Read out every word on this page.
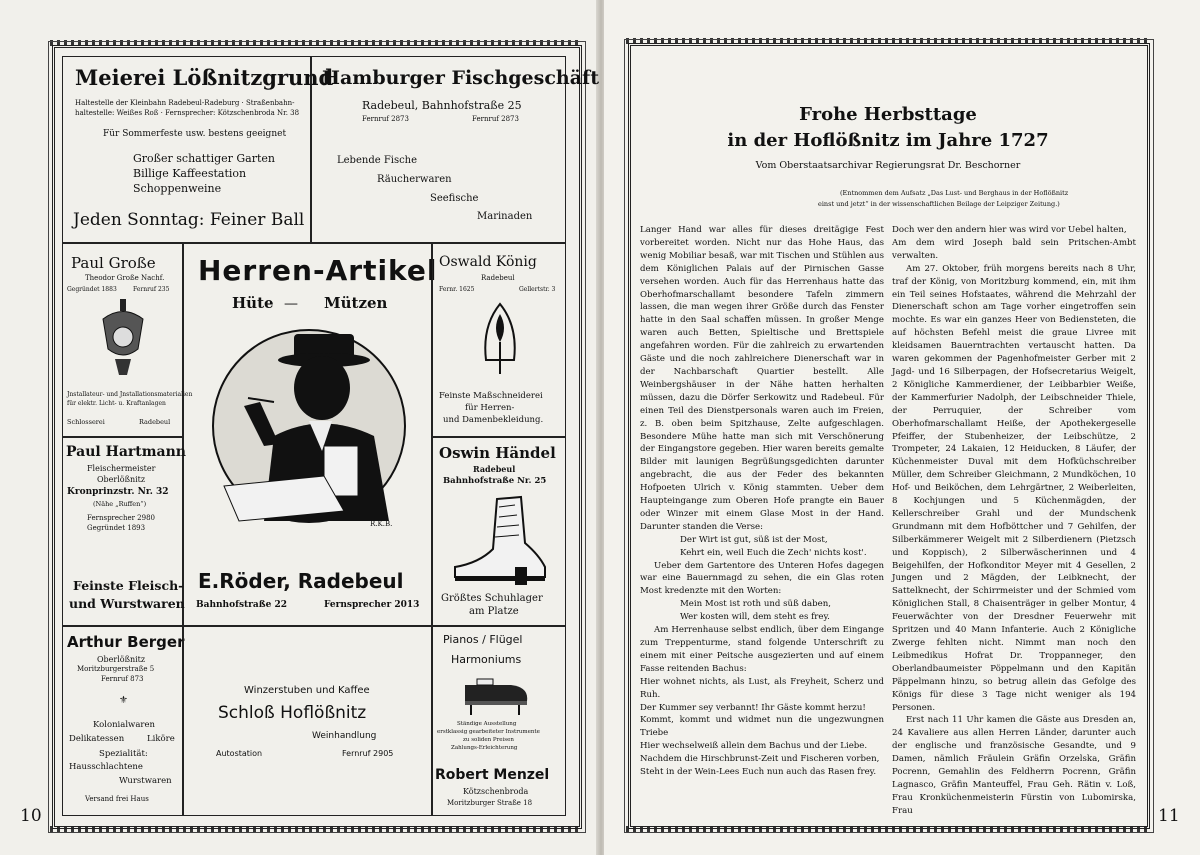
10
Meierei Lößnitzgrund
Haltestelle der Kleinbahn Radebeul-Radeburg · Straßenbahn-
haltestelle: Weißes Roß · Fernsprecher: Kötzschenbroda Nr. 38
Für Sommerfeste usw. bestens geeignet
Großer schattiger Garten
Billige Kaffeestation
Schoppenweine
Jeden Sonntag: Feiner Ball
Hamburger Fischgeschäft
Radebeul, Bahnhofstraße 25
Fernruf 2873	Fernruf 2873
Lebende Fische
Räucherwaren
Seefische
Marinaden
Paul Große
Theodor Große Nachf.
Gegründet 1883	Fernruf 235
Jnstallateur- und Jnstallationsmaterialien
für elektr. Licht- u. Kraftanlagen
Schlosserei	Radebeul
Herren-Artikel
Hüte — Mützen
R.K.B.
E.Röder, Radebeul
Bahnhofstraße 22	Fernsprecher 2013
Oswald König
Radebeul
Fernr. 1625	Gellertstr. 3
Feinste Maßschneiderei
für Herren-
und Damenbekleidung.
Paul Hartmann
Fleischermeister
Oberlößnitz
Kronprinzstr. Nr. 32
(Nähe „Ruffen“)
Fernsprecher 2980
Gegründet 1893
Feinste Fleisch-
und Wurstwaren
Oswin Händel
Radebeul
Bahnhofstraße Nr. 25
Größtes Schuhlager
am Platze
Arthur Berger
Oberlößnitz
Moritzburgerstraße 5
Fernruf 873
⚜
Kolonialwaren
Delikatessen	Liköre
Spezialität:
Hausschlachtene
Wurstwaren
Versand frei Haus
Winzerstuben und Kaffee
Schloß Hoflößnitz
Weinhandlung
Autostation	Fernruf 2905
Pianos / Flügel
Harmoniums
Ständige Ausstellung
erstklassig gearbeiteter Instrumente
zu soliden Preisen
Zahlungs-Erleichterung
Robert Menzel
Kötzschenbroda
Moritzburger Straße 18
11
Frohe Herbsttage
in der Hoflößnitz im Jahre 1727
Vom Oberstaatsarchivar Regierungsrat Dr. Beschorner
(Entnommen dem Aufsatz „Das Lust- und Berghaus in der Hoflößnitz
einst und jetzt“ in der wissenschaftlichen Beilage der Leipziger Zeitung.)

Langer Hand war alles für dieses dreitägige Fest vorbereitet worden. Nicht nur das Hohe Haus, das wenig Mobiliar besaß, war mit Tischen und Stühlen aus dem Königlichen Palais auf der Pirnischen Gasse versehen worden. Auch für das Herrenhaus hatte das Oberhofmarschallamt besondere Tafeln zimmern lassen, die man wegen ihrer Größe durch das Fenster hatte in den Saal schaffen müssen. In großer Menge waren auch Betten, Spieltische und Brettspiele angefahren worden. Für die zahlreich zu erwartenden Gäste und die noch zahlreichere Dienerschaft war in der Nachbarschaft Quartier bestellt. Alle Weinbergshäuser in der Nähe hatten herhalten müssen, dazu die Dörfer Serkowitz und Radebeul. Für einen Teil des Dienstpersonals waren auch im Freien, z. B. oben beim Spitzhause, Zelte aufgeschlagen. Besondere Mühe hatte man sich mit Verschönerung der Eingangstore gegeben. Hier waren bereits gemalte Bilder mit launigen Begrüßungsgedichten darunter angebracht, die aus der Feder des bekannten Hofpoeten Ulrich v. König stammten. Ueber dem Haupteingange zum Oberen Hofe prangte ein Bauer oder Winzer mit einem Glase Most in der Hand. Darunter standen die Verse:

Der Wirt ist gut, süß ist der Most,

Kehrt ein, weil Euch die Zech' nichts kost'.

Ueber dem Gartentore des Unteren Hofes dagegen war eine Bauernmagd zu sehen, die ein Glas roten Most kredenzte mit den Worten:

Mein Most ist roth und süß daben,

Wer kosten will, dem steht es frey.

Am Herrenhause selbst endlich, über dem Eingange zum Treppenturme, stand folgende Unterschrift zu einem mit einer Peitsche ausgezierten und auf einem Fasse reitenden Bachus:

Hier wohnet nichts, als Lust, als Freyheit, Scherz und Ruh.

Der Kummer sey verbannt! Ihr Gäste kommt herzu!

Kommt, kommt und widmet nun die ungezwungnen Triebe

Hier wechselweiß allein dem Bachus und der Liebe.

Nachdem die Hirschbrunst-Zeit und Fischeren vorben,

Steht in der Wein-Lees Euch nun auch das Rasen frey.

Doch wer den andern hier was wird vor Uebel halten,

Am dem wird Joseph bald sein Pritschen-Ambt verwalten.

Am 27. Oktober, früh morgens bereits nach 8 Uhr, traf der König, von Moritzburg kommend, ein, mit ihm ein Teil seines Hofstaates, während die Mehrzahl der Dienerschaft schon am Tage vorher eingetroffen sein mochte. Es war ein ganzes Heer von Bediensteten, die auf höchsten Befehl meist die graue Livree mit kleidsamen Bauerntrachten vertauscht hatten. Da waren gekommen der Pagenhofmeister Gerber mit 2 Jagd- und 16 Silberpagen, der Hofsecretarius Weigelt, 2 Königliche Kammerdiener, der Leibbarbier Weiße, der Kammerfurier Nadolph, der Leibschneider Thiele, der Perruquier, der Schreiber vom Oberhofmarschallamt Heiße, der Apothekergeselle Pfeiffer, der Stubenheizer, der Leibschütze, 2 Trompeter, 24 Lakaien, 12 Heiducken, 8 Läufer, der Küchenmeister Duval mit dem Hofküchschreiber Müller, dem Schreiber Gleichmann, 2 Mundköchen, 10 Hof- und Beiköchen, dem Lehrgärtner, 2 Weiberleiten, 8 Kochjungen und 5 Küchenmägden, der Kellerschreiber Grahl und der Mundschenk Grundmann mit dem Hofböttcher und 7 Gehilfen, der Silberkämmerer Weigelt mit 2 Silberdienern (Pietzsch und Koppisch), 2 Silberwäscherinnen und 4 Beigehilfen, der Hofkonditor Meyer mit 4 Gesellen, 2 Jungen und 2 Mägden, der Leibknecht, der Sattelknecht, der Schirrmeister und der Schmied vom Königlichen Stall, 8 Chaisenträger in gelber Montur, 4 Feuerwächter von der Dresdner Feuerwehr mit Spritzen und 40 Mann Infanterie. Auch 2 Königliche Zwerge fehlten nicht. Nimmt man noch den Leibmedikus Hofrat Dr. Troppanneger, den Oberlandbaumeister Pöppelmann und den Kapitän Päppelmann hinzu, so betrug allein das Gefolge des Königs für diese 3 Tage nicht weniger als 194 Personen.

Erst nach 11 Uhr kamen die Gäste aus Dresden an, 24 Kavaliere aus allen Herren Länder, darunter auch der englische und französische Gesandte, und 9 Damen, nämlich Fräulein Gräfin Orzelska, Gräfin Pocrenn, Gemahlin des Feldherrn Pocrenn, Gräfin Lagnasco, Gräfin Manteuffel, Frau Geh. Rätin v. Loß, Frau Kronküchenmeisterin Fürstin von Lubomirska, Frau
